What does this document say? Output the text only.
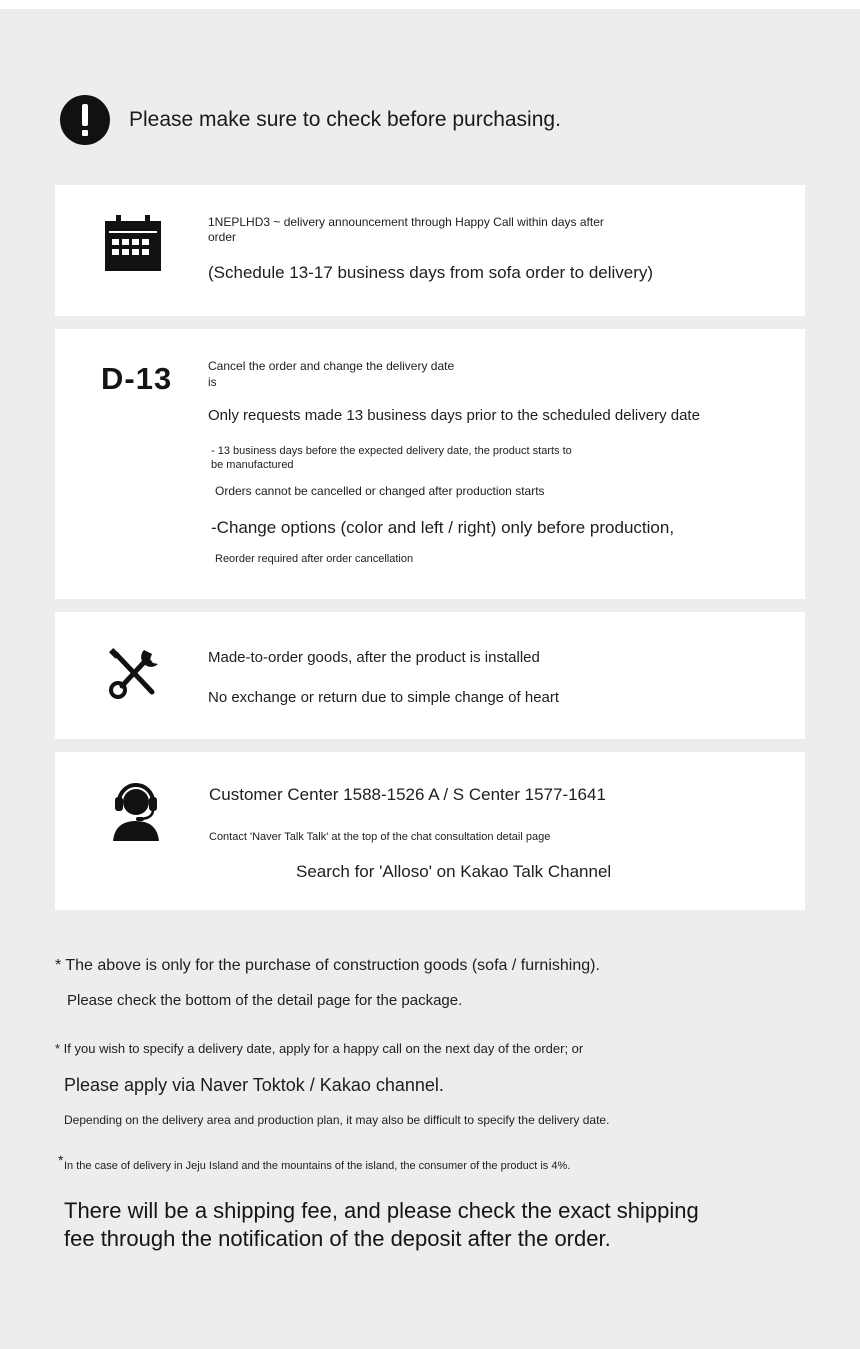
Please make sure to check before purchasing.
1NEPLHD3 ~ delivery announcement through Happy Call within days after
order
(Schedule 13-17 business days from sofa order to delivery)
D-13	Cancel the order and change the delivery date
is
Only requests made 13 business days prior to the scheduled delivery date
- 13 business days before the expected delivery date, the product starts to
be manufactured
Orders cannot be cancelled or changed after production starts
-Change options (color and left / right) only before production,
Reorder required after order cancellation
Made-to-order goods, after the product is installed
No exchange or return due to simple change of heart
Customer Center 1588-1526 A / S Center 1577-1641
Contact 'Naver Talk Talk' at the top of the chat consultation detail page
Search for 'Alloso' on Kakao Talk Channel
* The above is only for the purchase of construction goods (sofa / furnishing).
Please check the bottom of the detail page for the package.
* If you wish to specify a delivery date, apply for a happy call on the next day of the order; or
Please apply via Naver Toktok / Kakao channel.
Depending on the delivery area and production plan, it may also be difficult to specify the delivery date.
* In the case of delivery in Jeju Island and the mountains of the island, the consumer of the product is 4%.
There will be a shipping fee, and please check the exact shipping
fee through the notification of the deposit after the order.
